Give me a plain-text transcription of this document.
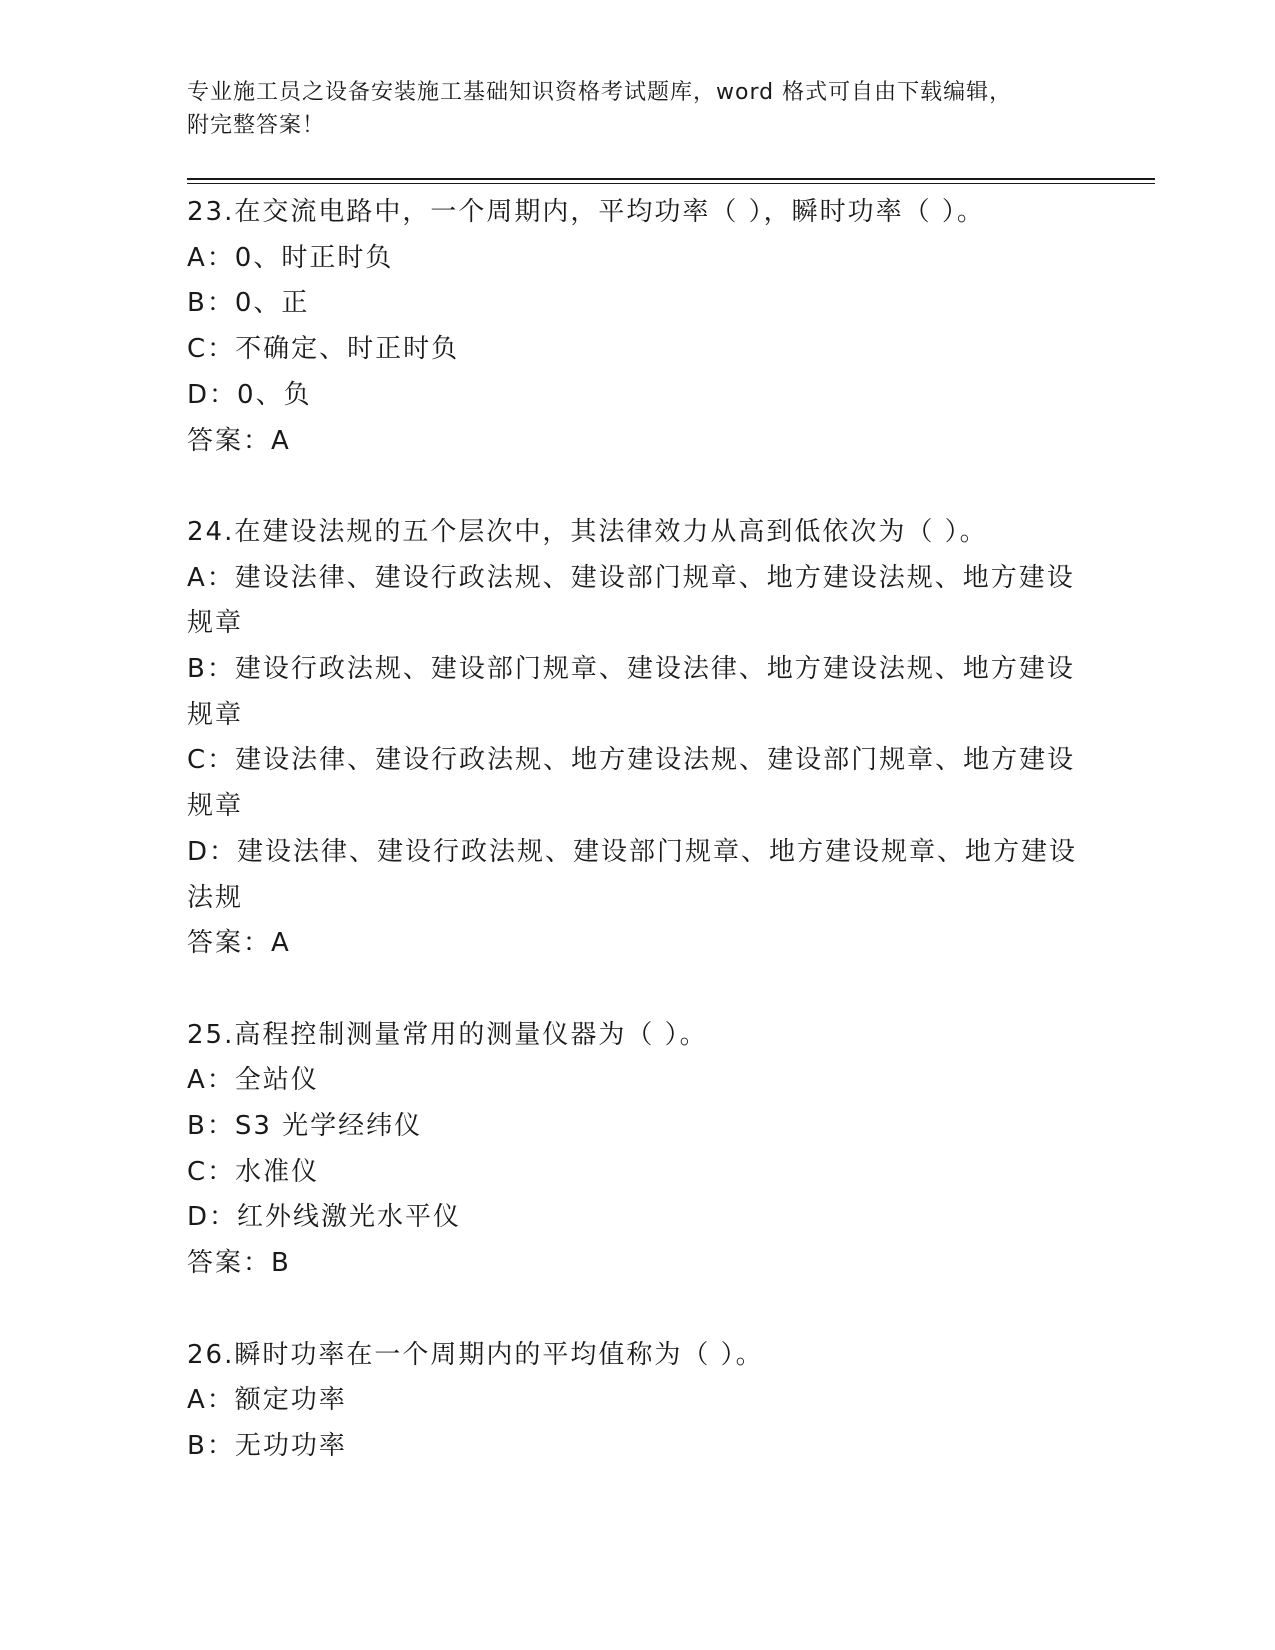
专业施工员之设备安装施工基础知识资格考试题库，word 格式可自由下载编辑，
附完整答案！
23.在交流电路中，一个周期内，平均功率（ ），瞬时功率（ ）。
A：0、时正时负
B：0、正
C：不确定、时正时负
D：0、负
答案：A
24.在建设法规的五个层次中，其法律效力从高到低依次为（ ）。
A：建设法律、建设行政法规、建设部门规章、地方建设法规、地方建设规章
B：建设行政法规、建设部门规章、建设法律、地方建设法规、地方建设规章
C：建设法律、建设行政法规、地方建设法规、建设部门规章、地方建设规章
D：建设法律、建设行政法规、建设部门规章、地方建设规章、地方建设法规
答案：A
25.高程控制测量常用的测量仪器为（ ）。
A：全站仪
B：S3 光学经纬仪
C：水准仪
D：红外线激光水平仪
答案：B
26.瞬时功率在一个周期内的平均值称为（ ）。
A：额定功率
B：无功功率
